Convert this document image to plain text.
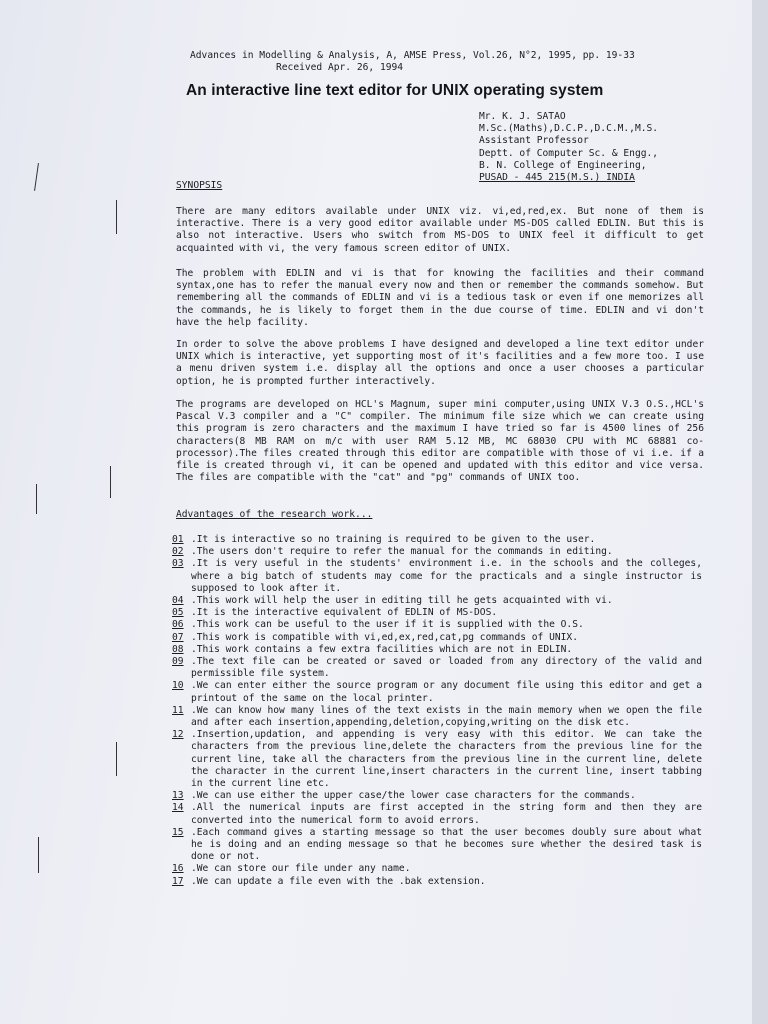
Advances in Modelling & Analysis, A, AMSE Press, Vol.26, N°2, 1995, pp. 19-33
Received Apr. 26, 1994
An interactive line text editor for UNIX operating system
Mr. K. J. SATAO
M.Sc.(Maths),D.C.P.,D.C.M.,M.S.
Assistant Professor
Deptt. of Computer Sc. & Engg.,
B. N. College of Engineering,
PUSAD - 445 215(M.S.) INDIA
SYNOPSIS
There are many editors available under UNIX viz. vi,ed,red,ex. But none of them is interactive. There is a very good editor available under MS-DOS called EDLIN. But this is also not interactive. Users who switch from MS-DOS to UNIX feel it difficult to get acquainted with vi, the very famous screen editor of UNIX.
The problem with EDLIN and vi is that for knowing the facilities and their command syntax,one has to refer the manual every now and then or remember the commands somehow. But remembering all the commands of EDLIN and vi is a tedious task or even if one memorizes all the commands, he is likely to forget them in the due course of time. EDLIN and vi don't have the help facility.
In order to solve the above problems I have designed and developed a line text editor under UNIX which is interactive, yet supporting most of it's facilities and a few more too. I use a menu driven system i.e. display all the options and once a user chooses a particular option, he is prompted further interactively.
The programs are developed on HCL's Magnum, super mini computer,using UNIX V.3 O.S.,HCL's Pascal V.3 compiler and a "C" compiler. The minimum file size which we can create using this program is zero characters and the maximum I have tried so far is 4500 lines of 256 characters(8 MB RAM on m/c with user RAM 5.12 MB, MC 68030 CPU with MC 68881 co-processor).The files created through this editor are compatible with those of vi i.e. if a file is created through vi, it can be opened and updated with this editor and vice versa. The files are compatible with the "cat" and "pg" commands of UNIX too.
Advantages of the research work...
01 .It is interactive so no training is required to be given to the user.
02 .The users don't require to refer the manual for the commands in editing.
03 .It is very useful in the students' environment i.e. in the schools and the colleges, where a big batch of students may come for the practicals and a single instructor is supposed to look after it.
04 .This work will help the user in editing till he gets acquainted with vi.
05 .It is the interactive equivalent of EDLIN of MS-DOS.
06 .This work can be useful to the user if it is supplied with the O.S.
07 .This work is compatible with vi,ed,ex,red,cat,pg commands of UNIX.
08 .This work contains a few extra facilities which are not in EDLIN.
09 .The text file can be created or saved or loaded from any directory of the valid and permissible file system.
10 .We can enter either the source program or any document file using this editor and get a printout of the same on the local printer.
11 .We can know how many lines of the text exists in the main memory when we open the file and after each insertion,appending,deletion,copying,writing on the disk etc.
12 .Insertion,updation, and appending is very easy with this editor. We can take the characters from the previous line,delete the characters from the previous line for the current line, take all the characters from the previous line in the current line, delete the character in the current line,insert characters in the current line, insert tabbing in the current line etc.
13 .We can use either the upper case/the lower case characters for the commands.
14 .All the numerical inputs are first accepted in the string form and then they are converted into the numerical form to avoid errors.
15 .Each command gives a starting message so that the user becomes doubly sure about what he is doing and an ending message so that he becomes sure whether the desired task is done or not.
16 .We can store our file under any name.
17 .We can update a file even with the .bak extension.
